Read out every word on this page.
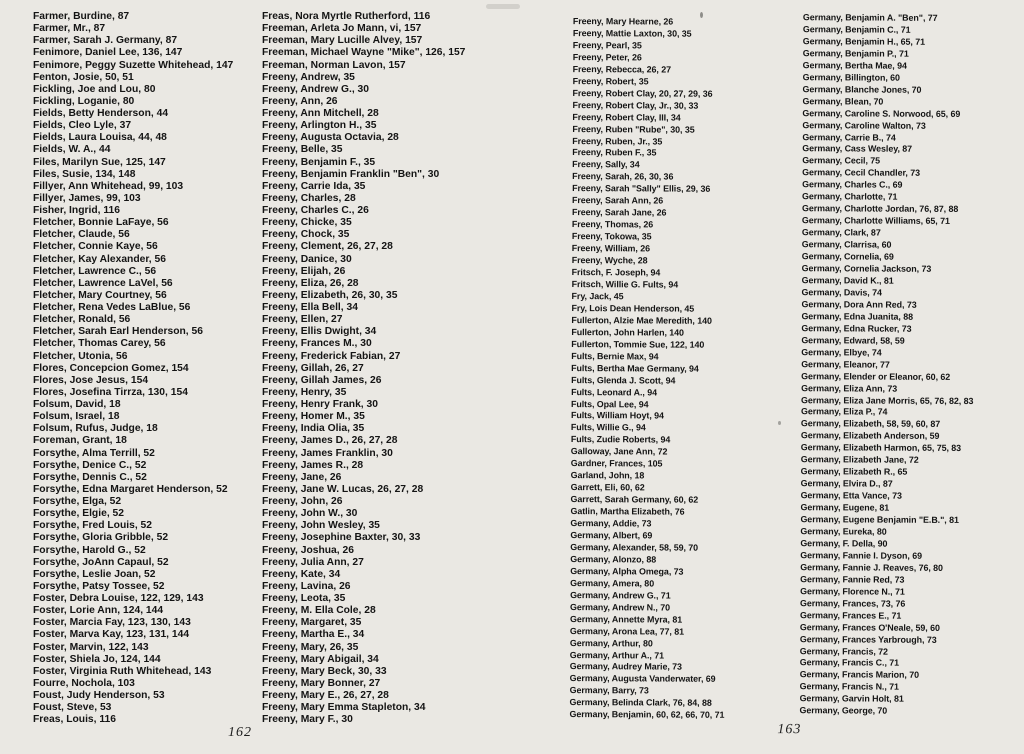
Farmer, Burdine, 87
Farmer, Mr., 87
Farmer, Sarah J. Germany, 87
Fenimore, Daniel Lee, 136, 147
Fenimore, Peggy Suzette Whitehead, 147
Fenton, Josie, 50, 51
Fickling, Joe and Lou, 80
Fickling, Loganie, 80
Fields, Betty Henderson, 44
Fields, Cleo Lyle, 37
Fields, Laura Louisa, 44, 48
Fields, W. A., 44
Files, Marilyn Sue, 125, 147
Files, Susie, 134, 148
Fillyer, Ann Whitehead, 99, 103
Fillyer, James, 99, 103
Fisher, Ingrid, 116
Fletcher, Bonnie LaFaye, 56
Fletcher, Claude, 56
Fletcher, Connie Kaye, 56
Fletcher, Kay Alexander, 56
Fletcher, Lawrence C., 56
Fletcher, Lawrence LaVel, 56
Fletcher, Mary Courtney, 56
Fletcher, Rena Vedes LaBlue, 56
Fletcher, Ronald, 56
Fletcher, Sarah Earl Henderson, 56
Fletcher, Thomas Carey, 56
Fletcher, Utonia, 56
Flores, Concepcion Gomez, 154
Flores, Jose Jesus, 154
Flores, Josefina Tirrza, 130, 154
Folsum, David, 18
Folsum, Israel, 18
Folsum, Rufus, Judge, 18
Foreman, Grant, 18
Forsythe, Alma Terrill, 52
Forsythe, Denice C., 52
Forsythe, Dennis C., 52
Forsythe, Edna Margaret Henderson, 52
Forsythe, Elga, 52
Forsythe, Elgie, 52
Forsythe, Fred Louis, 52
Forsythe, Gloria Gribble, 52
Forsythe, Harold G., 52
Forsythe, JoAnn Capaul, 52
Forsythe, Leslie Joan, 52
Forsythe, Patsy Tossee, 52
Foster, Debra Louise, 122, 129, 143
Foster, Lorie Ann, 124, 144
Foster, Marcia Fay, 123, 130, 143
Foster, Marva Kay, 123, 131, 144
Foster, Marvin, 122, 143
Foster, Shiela Jo, 124, 144
Foster, Virginia Ruth Whitehead, 143
Fourre, Nochola, 103
Foust, Judy Henderson, 53
Foust, Steve, 53
Freas, Louis, 116
Freas, Nora Myrtle Rutherford, 116
Freeman, Arleta Jo Mann, vi, 157
Freeman, Mary Lucille Alvey, 157
Freeman, Michael Wayne "Mike", 126, 157
Freeman, Norman Lavon, 157
Freeny, Andrew, 35
Freeny, Andrew G., 30
Freeny, Ann, 26
Freeny, Ann Mitchell, 28
Freeny, Arlington H., 35
Freeny, Augusta Octavia, 28
Freeny, Belle, 35
Freeny, Benjamin F., 35
Freeny, Benjamin Franklin "Ben", 30
Freeny, Carrie Ida, 35
Freeny, Charles, 28
Freeny, Charles C., 26
Freeny, Chicke, 35
Freeny, Chock, 35
Freeny, Clement, 26, 27, 28
Freeny, Danice, 30
Freeny, Elijah, 26
Freeny, Eliza, 26, 28
Freeny, Elizabeth, 26, 30, 35
Freeny, Ella Bell, 34
Freeny, Ellen, 27
Freeny, Ellis Dwight, 34
Freeny, Frances M., 30
Freeny, Frederick Fabian, 27
Freeny, Gillah, 26, 27
Freeny, Gillah James, 26
Freeny, Henry, 35
Freeny, Henry Frank, 30
Freeny, Homer M., 35
Freeny, India Olia, 35
Freeny, James D., 26, 27, 28
Freeny, James Franklin, 30
Freeny, James R., 28
Freeny, Jane, 26
Freeny, Jane W. Lucas, 26, 27, 28
Freeny, John, 26
Freeny, John W., 30
Freeny, John Wesley, 35
Freeny, Josephine Baxter, 30, 33
Freeny, Joshua, 26
Freeny, Julia Ann, 27
Freeny, Kate, 34
Freeny, Lavina, 26
Freeny, Leota, 35
Freeny, M. Ella Cole, 28
Freeny, Margaret, 35
Freeny, Martha E., 34
Freeny, Mary, 26, 35
Freeny, Mary Abigail, 34
Freeny, Mary Beck, 30, 33
Freeny, Mary Bonner, 27
Freeny, Mary E., 26, 27, 28
Freeny, Mary Emma Stapleton, 34
Freeny, Mary F., 30
162
Freeny, Mary Hearne, 26
Freeny, Mattie Laxton, 30, 35
Freeny, Pearl, 35
Freeny, Peter, 26
Freeny, Rebecca, 26, 27
Freeny, Robert, 35
Freeny, Robert Clay, 20, 27, 29, 36
Freeny, Robert Clay, Jr., 30, 33
Freeny, Robert Clay, III, 34
Freeny, Ruben "Rube", 30, 35
Freeny, Ruben, Jr., 35
Freeny, Ruben F., 35
Freeny, Sally, 34
Freeny, Sarah, 26, 30, 36
Freeny, Sarah "Sally" Ellis, 29, 36
Freeny, Sarah Ann, 26
Freeny, Sarah Jane, 26
Freeny, Thomas, 26
Freeny, Tokowa, 35
Freeny, William, 26
Freeny, Wyche, 28
Fritsch, F. Joseph, 94
Fritsch, Willie G. Fults, 94
Fry, Jack, 45
Fry, Lois Dean Henderson, 45
Fullerton, Alzie Mae Meredith, 140
Fullerton, John Harlen, 140
Fullerton, Tommie Sue, 122, 140
Fults, Bernie Max, 94
Fults, Bertha Mae Germany, 94
Fults, Glenda J. Scott, 94
Fults, Leonard A., 94
Fults, Opal Lee, 94
Fults, William Hoyt, 94
Fults, Willie G., 94
Fults, Zudie Roberts, 94
Galloway, Jane Ann, 72
Gardner, Frances, 105
Garland, John, 18
Garrett, Eli, 60, 62
Garrett, Sarah Germany, 60, 62
Gatlin, Martha Elizabeth, 76
Germany, Addie, 73
Germany, Albert, 69
Germany, Alexander, 58, 59, 70
Germany, Alonzo, 88
Germany, Alpha Omega, 73
Germany, Amera, 80
Germany, Andrew G., 71
Germany, Andrew N., 70
Germany, Annette Myra, 81
Germany, Arona Lea, 77, 81
Germany, Arthur, 80
Germany, Arthur A., 71
Germany, Audrey Marie, 73
Germany, Augusta Vanderwater, 69
Germany, Barry, 73
Germany, Belinda Clark, 76, 84, 88
Germany, Benjamin, 60, 62, 66, 70, 71
Germany, Benjamin A. "Ben", 77
Germany, Benjamin C., 71
Germany, Benjamin H., 65, 71
Germany, Benjamin P., 71
Germany, Bertha Mae, 94
Germany, Billington, 60
Germany, Blanche Jones, 70
Germany, Blean, 70
Germany, Caroline S. Norwood, 65, 69
Germany, Caroline Walton, 73
Germany, Carrie B., 74
Germany, Cass Wesley, 87
Germany, Cecil, 75
Germany, Cecil Chandler, 73
Germany, Charles C., 69
Germany, Charlotte, 71
Germany, Charlotte Jordan, 76, 87, 88
Germany, Charlotte Williams, 65, 71
Germany, Clark, 87
Germany, Clarrisa, 60
Germany, Cornelia, 69
Germany, Cornelia Jackson, 73
Germany, David K., 81
Germany, Davis, 74
Germany, Dora Ann Red, 73
Germany, Edna Juanita, 88
Germany, Edna Rucker, 73
Germany, Edward, 58, 59
Germany, Elbye, 74
Germany, Eleanor, 77
Germany, Elender or Eleanor, 60, 62
Germany, Eliza Ann, 73
Germany, Eliza Jane Morris, 65, 76, 82, 83
Germany, Eliza P., 74
Germany, Elizabeth, 58, 59, 60, 87
Germany, Elizabeth Anderson, 59
Germany, Elizabeth Harmon, 65, 75, 83
Germany, Elizabeth Jane, 72
Germany, Elizabeth R., 65
Germany, Elvira D., 87
Germany, Etta Vance, 73
Germany, Eugene, 81
Germany, Eugene Benjamin "E.B.", 81
Germany, Eureka, 80
Germany, F. Della, 90
Germany, Fannie I. Dyson, 69
Germany, Fannie J. Reaves, 76, 80
Germany, Fannie Red, 73
Germany, Florence N., 71
Germany, Frances, 73, 76
Germany, Frances E., 71
Germany, Frances O'Neale, 59, 60
Germany, Frances Yarbrough, 73
Germany, Francis, 72
Germany, Francis C., 71
Germany, Francis Marion, 70
Germany, Francis N., 71
Germany, Garvin Holt, 81
Germany, George, 70
163
